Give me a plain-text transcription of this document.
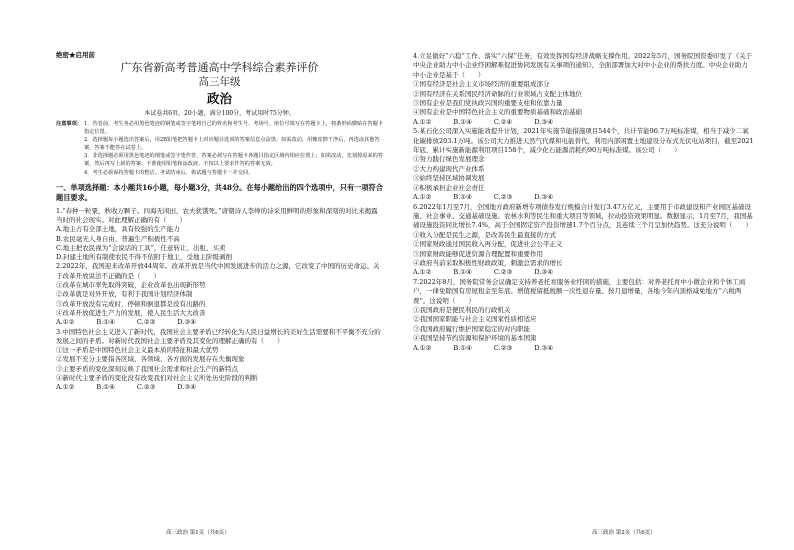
绝密★启用前

广东省新高考普通高中学科综合素养评价

高三年级

政治

本试卷共6页，20小题，满分100分，考试用时75分钟。

注意事项： 1．答卷前，考生务必用黑色笔迹的钢笔或签字笔将自己的姓名和考生号、考场号、座位号填写在答题卡上，将条形码横贴在答题卡指定位置。

2．选择题每小题选出答案后，用2B铅笔把答题卡上对应题目选项的答案信息点涂黑；如需改动，用橡皮擦干净后，再选涂其他答案，答案不能答在试卷上。

3．非选择题必须用黑色笔迹的钢笔或签字笔作答，答案必须写在答题卡各题目指定区域内相应位置上；如需改动，先划掉原来的答案，然后再写上新的答案；不准使用铅笔和涂改液。不按以上要求作答的答案无效。

4．考生必须保持答题卡的整洁。考试结束后，将试题与答题卡一并交回。

一、单项选择题：本小题共16小题，每小题3分，共48分。在每小题给出的四个选项中，只有一项符合题目要求。

1.“春种一粒粟，秋收万颗子。四海无闲田，农夫犹饿死。”唐朝诗人李绅的诗采用鲜明的形象和深刻的对比来揭露当时的社会现实。对此理解正确的有（　　）

A.地主占有全部土地，具有较强的生产能力

B.农民毫无人身自由，普遍生产积极性不高

C.地主把农民视为“会说话的工具”，任意转让、出租、买卖

D.封建土地所有制使农民不得不依附于地主，受地主阶级剥削

2.2022年，我国迎来改革开放44周年。改革开放是当代中国发展进步的活力之源，它改变了中国的历史命运。关于改革开放说法不正确的是（　　）

①改革在城市率先取得突破，企业改革也出现新形势

②改革就是对外开放，有利于我国计划经济体制

③改革开放没有完成时，停顿和倒退都是没有出路的

④改革开放促进生产力的发展，使人民生活大大改善

A.①②	B.①④	C.②③	D.③④

3.中国特色社会主义进入了新时代，我国社会主要矛盾已经转化为人民日益增长的美好生活需要和不平衡不充分的发展之间的矛盾。对新时代我国社会主要矛盾及其变化的理解正确的有（　　）

①这一矛盾是中国特色社会主义最本质的特征和最大优势

②发展不充分主要指各区域、各领域、各方面的发展存在失衡现象

③主要矛盾的变化深刻反映了我国社会需求和社会生产的新特点

④新时代主要矛盾的变化没有改变我们对社会主义所处历史阶段的判断

A.①②	B.①④	C.②③	D.③④

4.立足做好“六稳”工作、落实“六保”任务，有效发挥国有经济战略支撑作用。2022年5月，国务院国资委印发了《关于中央企业助力中小企业纾困解难促进协同发展有关事项的通知》，全面部署加大对中小企业的帮扶力度。中央企业助力中小企业是基于（　　）

①国有经济是社会主义市场经济的重要组成部分

②国有经济在关系国民经济命脉的行业领域占支配主体地位

③国有企业是我们党执政兴国的重要支柱和依靠力量

④国有企业是中国特色社会主义的重要物质基础和政治基础

A.①②	B.①④	C.②④	D.③④

5.某石化公司深入实施能效提升计划，2021年实施节能措施项目544个，共计节能96.7万吨标准煤，相当于减少二氧化碳排放203.1万吨。该公司大力推进天然气代煤和电能替代，利用内部闲置土地建设分布式光伏电站项目，截至2021年底，累计实施新能源利用项目158个，减少化石能源消耗约90万吨标准煤。该公司（　　）

①努力践行绿色发展理念

②大力构建现代产业体系

③始终坚持区域协调发展

④积极承担企业社会责任

A.①②	B.①④	C.②③	D.③④

6.2022年1月至7月，全国地方政府新增专项债券发行规模合计发行3.47万亿元，主要用于市政建设和产业园区基础设施、社会事业、交通基础设施、农林水利等民生和重大项目等领域，拉动投资效果明显。数据显示，1月至7月，我国基础设施投资同比增长7.4%，高于全国固定资产投资增速1.7个百分点，且连续三个月呈加快趋势。这充分说明（　　）

①收入分配是民生之源，是改善民生最直接的方式

②国家财政通过国民收入再分配，促进社会公平正义

③国家财政能够促进资源合理配置和重要作用

④政府当前采取积极性财政政策，刺激总需求的增长

A.①②	B.①④	C.②③	D.③④

7.2022年8月，国务院常务会议确定支持养老托育服务业纾困的措施，主要包括：对养老托育中小微企业和个体工商户，一律免除国有房屋租金至年底。增值税留抵税额一次性退存量、按月退增量，各地今年内顶格减免地方“六税两费”。这说明（　　）

①我国政府是便民利民的行政机关

②我国国家职能与社会主义国家性质相适应

③我国政府履行维护国家稳定的对内职能

④我国坚持节约资源和保护环境的基本国策

A.①②	B.①④	C.②③	D.③④
高三政治 第1页（共6页）	高三政治 第2页（共6页）
